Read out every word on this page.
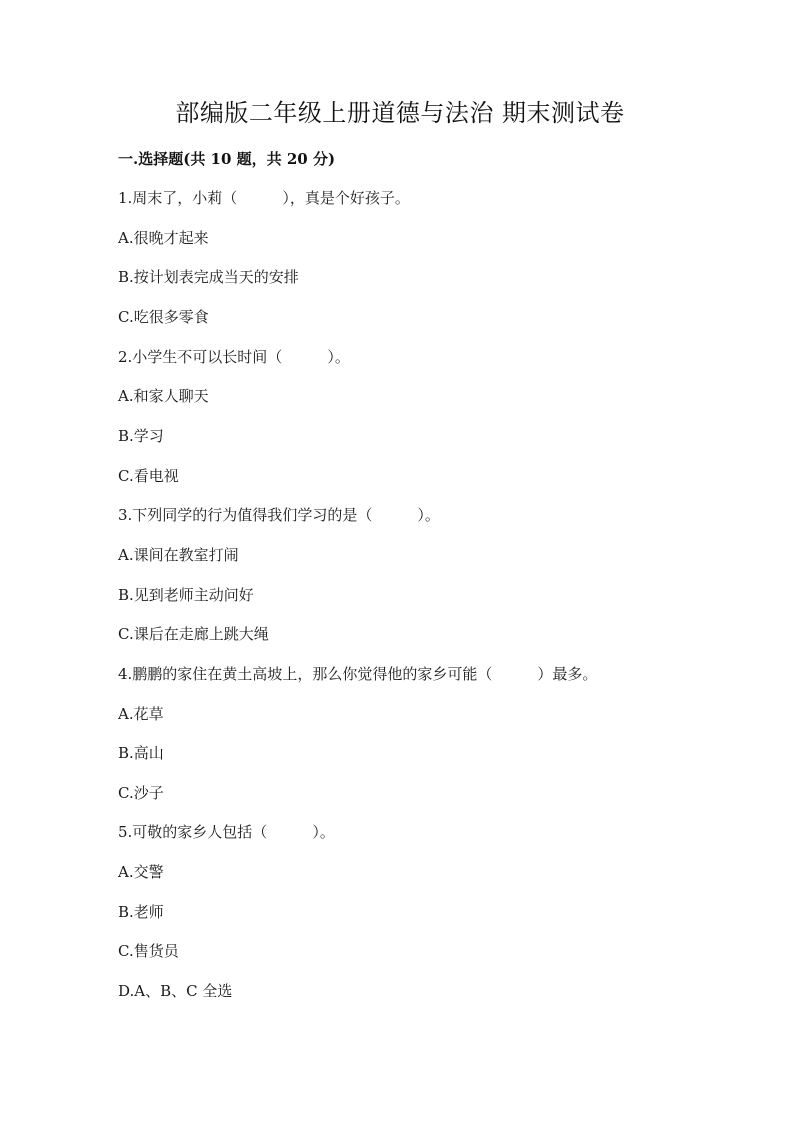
部编版二年级上册道德与法治 期末测试卷
一.选择题(共 10 题，共 20 分)
1.周末了，小莉（　　　），真是个好孩子。
A.很晚才起来
B.按计划表完成当天的安排
C.吃很多零食
2.小学生不可以长时间（　　　）。
A.和家人聊天
B.学习
C.看电视
3.下列同学的行为值得我们学习的是（　　　）。
A.课间在教室打闹
B.见到老师主动问好
C.课后在走廊上跳大绳
4.鹏鹏的家住在黄土高坡上，那么你觉得他的家乡可能（　　　）最多。
A.花草
B.高山
C.沙子
5.可敬的家乡人包括（　　　）。
A.交警
B.老师
C.售货员
D.A、B、C 全选
